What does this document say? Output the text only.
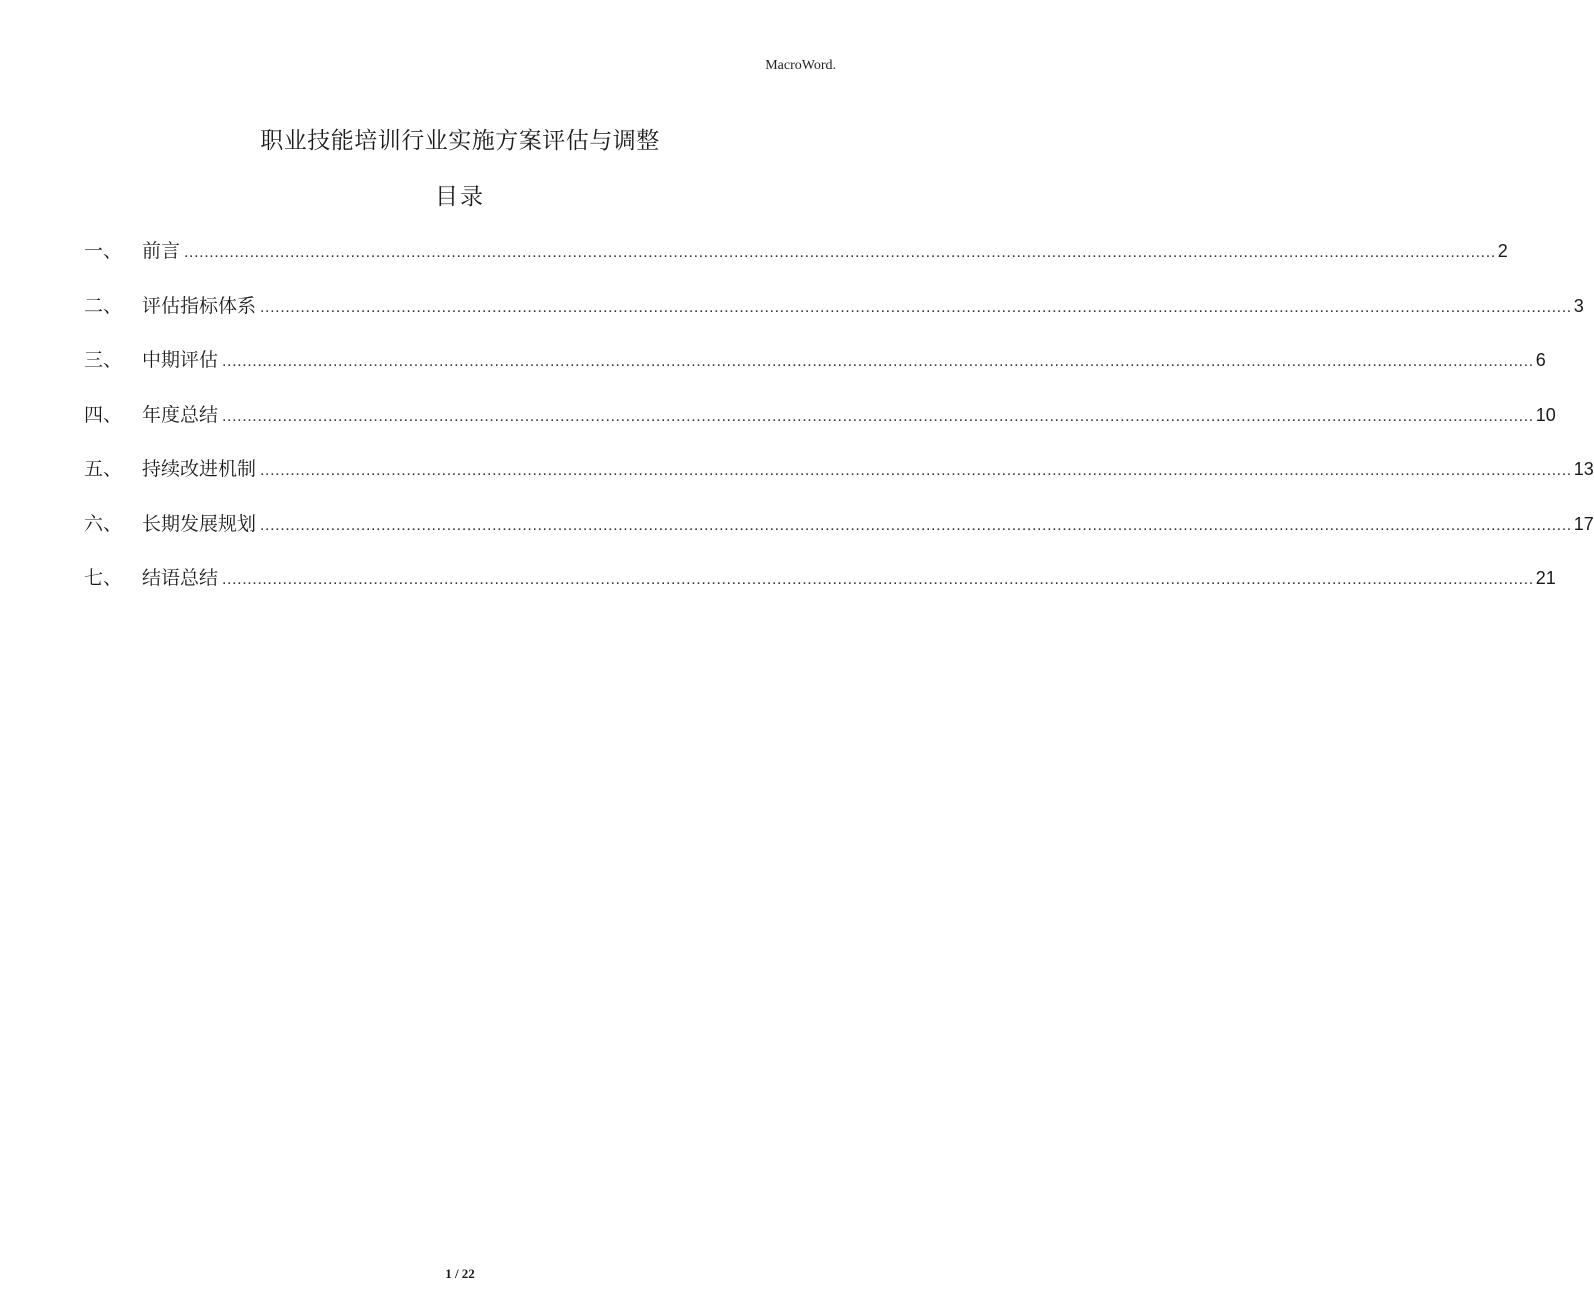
MacroWord.
职业技能培训行业实施方案评估与调整
目录
一、	前言 .................................................................................................................................................................................................................................................................... 2
二、	评估指标体系 .................................................................................................................................................................................................................................................................... 3
三、	中期评估 .................................................................................................................................................................................................................................................................... 6
四、	年度总结 .................................................................................................................................................................................................................................................................... 10
五、	持续改进机制 .................................................................................................................................................................................................................................................................... 13
六、	长期发展规划 .................................................................................................................................................................................................................................................................... 17
七、	结语总结 .................................................................................................................................................................................................................................................................... 21
1 / 22
